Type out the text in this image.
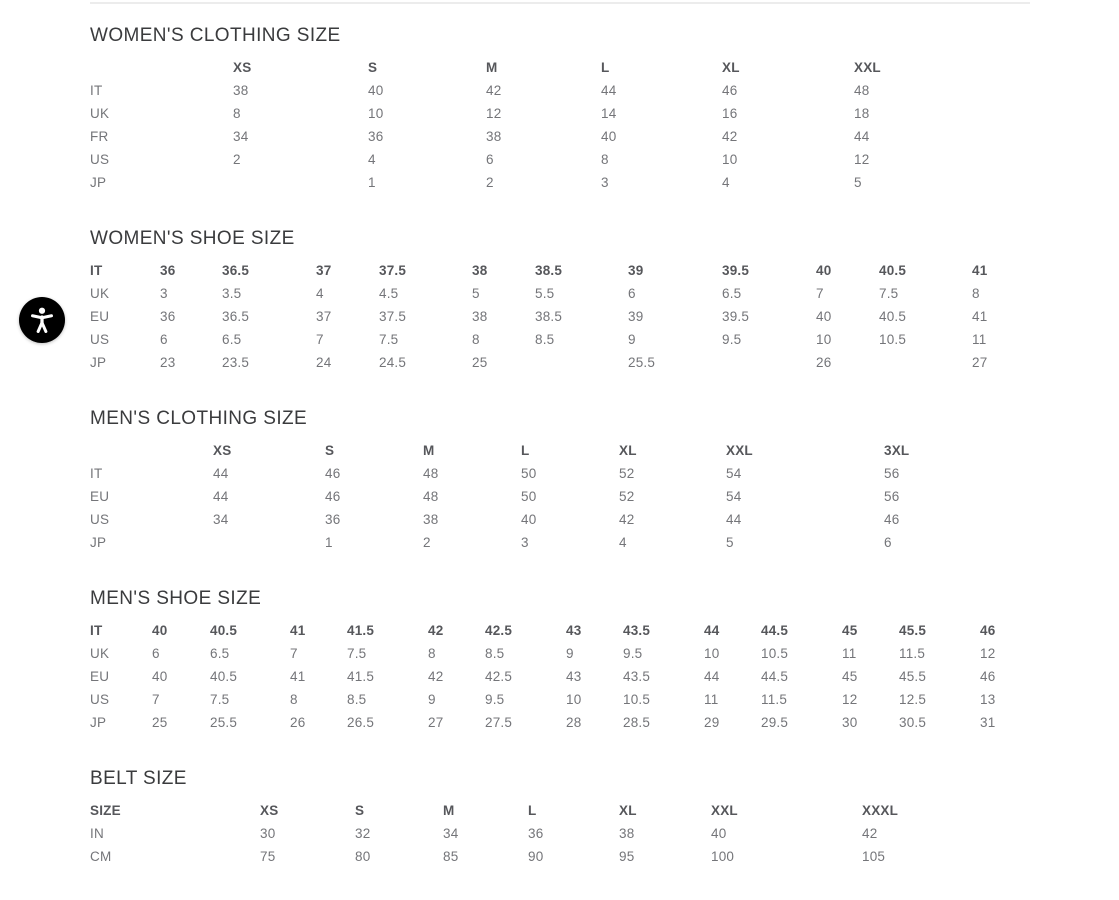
WOMEN'S CLOTHING SIZE
	XS	S	M	L	XL	XXL
IT	38	40	42	44	46	48
UK	8	10	12	14	16	18
FR	34	36	38	40	42	44
US	2	4	6	8	10	12
JP		1	2	3	4	5
WOMEN'S SHOE SIZE
IT	36	36.5	37	37.5	38	38.5	39	39.5	40	40.5	41
UK	3	3.5	4	4.5	5	5.5	6	6.5	7	7.5	8
EU	36	36.5	37	37.5	38	38.5	39	39.5	40	40.5	41
US	6	6.5	7	7.5	8	8.5	9	9.5	10	10.5	11
JP	23	23.5	24	24.5	25		25.5		26		27
MEN'S CLOTHING SIZE
	XS	S	M	L	XL	XXL	3XL
IT	44	46	48	50	52	54	56
EU	44	46	48	50	52	54	56
US	34	36	38	40	42	44	46
JP		1	2	3	4	5	6
MEN'S SHOE SIZE
IT	40	40.5	41	41.5	42	42.5	43	43.5	44	44.5	45	45.5	46
UK	6	6.5	7	7.5	8	8.5	9	9.5	10	10.5	11	11.5	12
EU	40	40.5	41	41.5	42	42.5	43	43.5	44	44.5	45	45.5	46
US	7	7.5	8	8.5	9	9.5	10	10.5	11	11.5	12	12.5	13
JP	25	25.5	26	26.5	27	27.5	28	28.5	29	29.5	30	30.5	31
BELT SIZE
SIZE	XS	S	M	L	XL	XXL	XXXL
IN	30	32	34	36	38	40	42
CM	75	80	85	90	95	100	105
